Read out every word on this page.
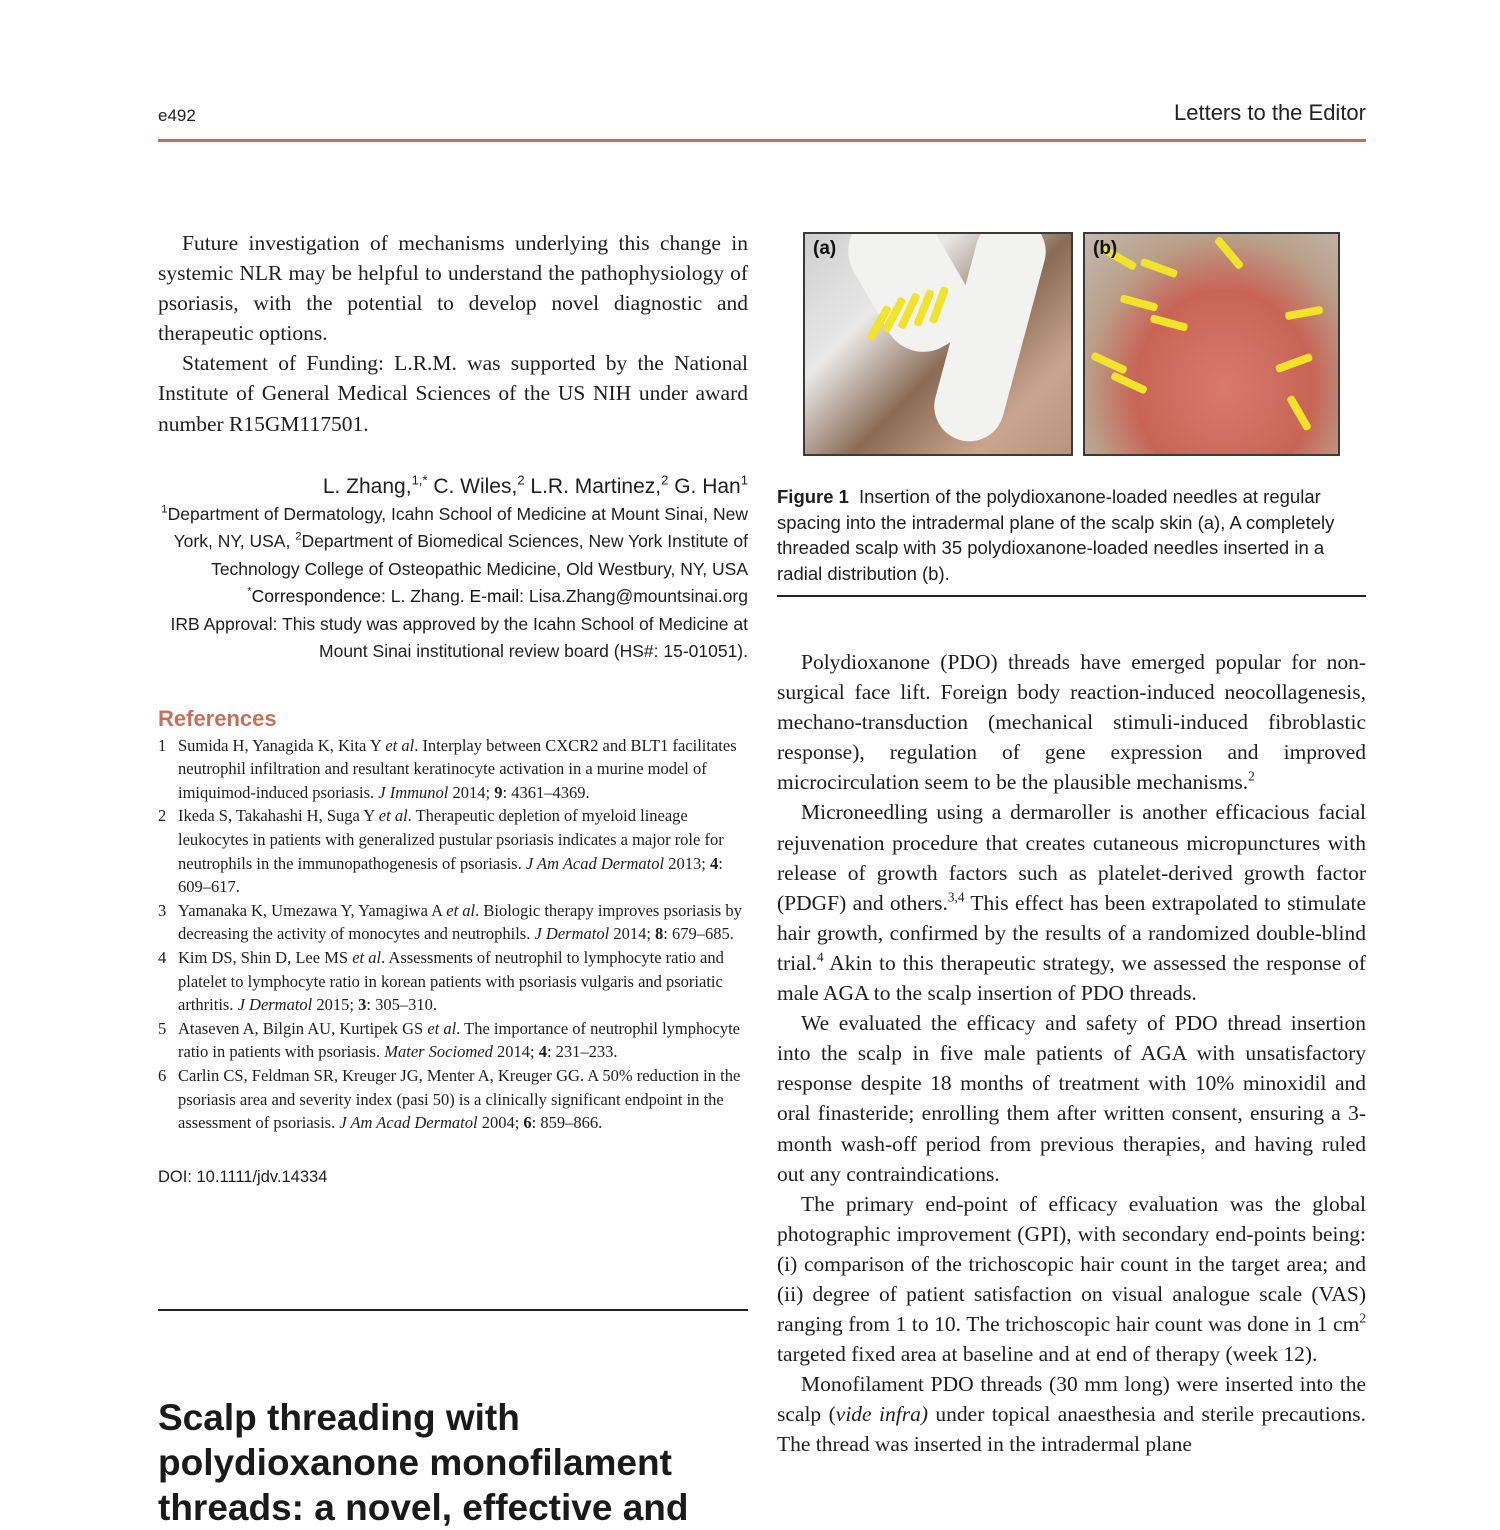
e492	Letters to the Editor

Future investigation of mechanisms underlying this change in systemic NLR may be helpful to understand the pathophysiology of psoriasis, with the potential to develop novel diagnostic and therapeutic options.

Statement of Funding: L.R.M. was supported by the National Institute of General Medical Sciences of the US NIH under award number R15GM117501.

L. Zhang,$^{1,*}$ C. Wiles,$^2$ L.R. Martinez,$^2$ G. Han$^1$
$^1$Department of Dermatology, Icahn School of Medicine at Mount Sinai, New York, NY, USA, $^2$Department of Biomedical Sciences, New York Institute of Technology College of Osteopathic Medicine, Old Westbury, NY, USA
*Correspondence: L. Zhang. E-mail: Lisa.Zhang@mountsinai.org
IRB Approval: This study was approved by the Icahn School of Medicine at Mount Sinai institutional review board (HS#: 15-01051).
References
1 Sumida H, Yanagida K, Kita Y et al. Interplay between CXCR2 and BLT1 facilitates neutrophil infiltration and resultant keratinocyte activation in a murine model of imiquimod-induced psoriasis. J Immunol 2014; 9: 4361–4369.
2 Ikeda S, Takahashi H, Suga Y et al. Therapeutic depletion of myeloid lineage leukocytes in patients with generalized pustular psoriasis indicates a major role for neutrophils in the immunopathogenesis of psoriasis. J Am Acad Dermatol 2013; 4: 609–617.
3 Yamanaka K, Umezawa Y, Yamagiwa A et al. Biologic therapy improves psoriasis by decreasing the activity of monocytes and neutrophils. J Dermatol 2014; 8: 679–685.
4 Kim DS, Shin D, Lee MS et al. Assessments of neutrophil to lymphocyte ratio and platelet to lymphocyte ratio in korean patients with psoriasis vulgaris and psoriatic arthritis. J Dermatol 2015; 3: 305–310.
5 Ataseven A, Bilgin AU, Kurtipek GS et al. The importance of neutrophil lymphocyte ratio in patients with psoriasis. Mater Sociomed 2014; 4: 231–233.
6 Carlin CS, Feldman SR, Kreuger JG, Menter A, Kreuger GG. A 50% reduction in the psoriasis area and severity index (pasi 50) is a clinically significant endpoint in the assessment of psoriasis. J Am Acad Dermatol 2004; 6: 859–866.
DOI: 10.1111/jdv.14334
Scalp threading with polydioxanone monofilament threads: a novel, effective and
(a)	(b)
Figure 1 Insertion of the polydioxanone-loaded needles at regular spacing into the intradermal plane of the scalp skin (a), A completely threaded scalp with 35 polydioxanone-loaded needles inserted in a radial distribution (b).

Polydioxanone (PDO) threads have emerged popular for non-surgical face lift. Foreign body reaction-induced neocollagenesis, mechano-transduction (mechanical stimuli-induced fibroblastic response), regulation of gene expression and improved microcirculation seem to be the plausible mechanisms.$^2$

Microneedling using a dermaroller is another efficacious facial rejuvenation procedure that creates cutaneous micropunctures with release of growth factors such as platelet-derived growth factor (PDGF) and others.$^{3,4}$ This effect has been extrapolated to stimulate hair growth, confirmed by the results of a randomized double-blind trial.$^4$ Akin to this therapeutic strategy, we assessed the response of male AGA to the scalp insertion of PDO threads.

We evaluated the efficacy and safety of PDO thread insertion into the scalp in five male patients of AGA with unsatisfactory response despite 18 months of treatment with 10% minoxidil and oral finasteride; enrolling them after written consent, ensuring a 3-month wash-off period from previous therapies, and having ruled out any contraindications.

The primary end-point of efficacy evaluation was the global photographic improvement (GPI), with secondary end-points being: (i) comparison of the trichoscopic hair count in the target area; and (ii) degree of patient satisfaction on visual analogue scale (VAS) ranging from 1 to 10. The trichoscopic hair count was done in 1 $cm^2$ targeted fixed area at baseline and at end of therapy (week 12).

Monofilament PDO threads (30 mm long) were inserted into the scalp (vide infra) under topical anaesthesia and sterile precautions. The thread was inserted in the intradermal plane
